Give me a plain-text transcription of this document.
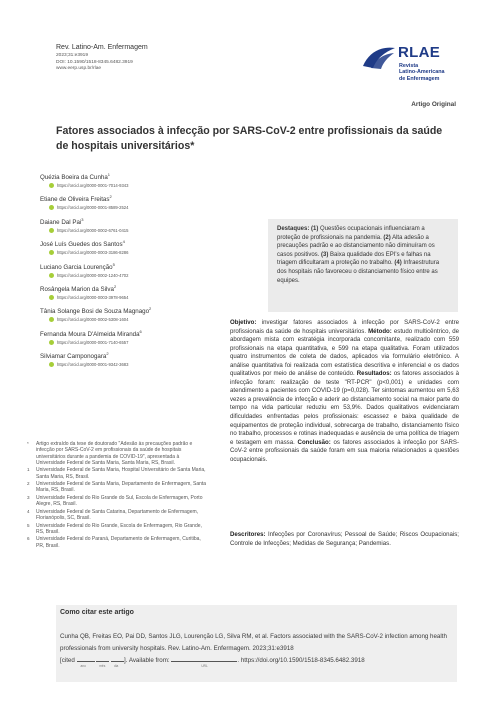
Rev. Latino-Am. Enfermagem
2023;31:e3919
DOI: 10.1590/1518-8345.6482.3919
www.eerp.usp.br/rlae
RLAE
Revista
Latino-Americana
de Enfermagem
Artigo Original
Fatores associados à infecção por SARS-CoV-2 entre profissionais da saúde de hospitais universitários*
Quézia Boeira da Cunha$^1$
https://orcid.org/0000-0001-7014-9343
Etiane de Oliveira Freitas$^2$
https://orcid.org/0000-0001-8589-2524
Daiane Dal Pai$^3$
https://orcid.org/0000-0002-6761-0415
José Luís Guedes dos Santos$^4$
https://orcid.org/0000-0003-3186-8286
Luciano Garcia Lourenção$^5$
https://orcid.org/0000-0002-1240-4702
Rosângela Marion da Silva$^2$
https://orcid.org/0000-0003-3978-9654
Tânia Solange Bosi de Souza Magnago$^2$
https://orcid.org/0000-0002-5308-1604
Fernanda Moura D'Almeida Miranda$^6$
https://orcid.org/0000-0001-7140-6557
Silviamar Camponogara$^2$
https://orcid.org/0000-0001-9342-3683
Destaques: (1) Questões ocupacionais influenciaram a proteção de profissionais na pandemia. (2) Alta adesão a precauções padrão e ao distanciamento não diminuíram os casos positivos. (3) Baixa qualidade dos EPI's e falhas na triagem dificultaram a proteção no trabalho. (4) Infraestrutura dos hospitais não favoreceu o distanciamento físico entre as equipes.
Objetivo: investigar fatores associados à infecção por SARS-CoV-2 entre profissionais da saúde de hospitais universitários. Método: estudo multicêntrico, de abordagem mista com estratégia incorporada concomitante, realizado com 559 profissionais na etapa quantitativa, e 599 na etapa qualitativa. Foram utilizados quatro instrumentos de coleta de dados, aplicados via formulário eletrônico. A análise quantitativa foi realizada com estatística descritiva e inferencial e os dados qualitativos por meio de análise de conteúdo. Resultados: os fatores associados à infecção foram: realização de teste "RT-PCR" (p<0,001) e unidades com atendimento a pacientes com COVID-19 (p=0,028). Ter sintomas aumentou em 5,63 vezes a prevalência de infecção e aderir ao distanciamento social na maior parte do tempo na vida particular reduziu em 53,9%. Dados qualitativos evidenciaram dificuldades enfrentadas pelos profissionais: escassez e baixa qualidade de equipamentos de proteção individual, sobrecarga de trabalho, distanciamento físico no trabalho, processos e rotinas inadequadas e ausência de uma política de triagem e testagem em massa. Conclusão: os fatores associados à infecção por SARS-CoV-2 entre profissionais da saúde foram em sua maioria relacionados a questões ocupacionais.
Descritores: Infecções por Coronavírus; Pessoal de Saúde; Riscos Ocupacionais; Controle de Infecções; Medidas de Segurança; Pandemias.
*	Artigo extraído da tese de doutorado "Adesão às precauções padrão e infecção por SARS-CoV-2 em profissionais da saúde de hospitais universitários durante a pandemia de COVID-19", apresentada à Universidade Federal de Santa Maria, Santa Maria, RS, Brasil.
1	Universidade Federal de Santa Maria, Hospital Universitário de Santa Maria, Santa Maria, RS, Brasil.
2	Universidade Federal de Santa Maria, Departamento de Enfermagem, Santa Maria, RS, Brasil.
3	Universidade Federal do Rio Grande do Sul, Escola de Enfermagem, Porto Alegre, RS, Brasil.
4	Universidade Federal de Santa Catarina, Departamento de Enfermagem, Florianópolis, SC, Brasil.
5	Universidade Federal do Rio Grande, Escola de Enfermagem, Rio Grande, RS, Brasil.
6	Universidade Federal do Paraná, Departamento de Enfermagem, Curitiba, PR, Brasil.
Como citar este artigo
Cunha QB, Freitas EO, Pai DD, Santos JLG, Lourenção LG, Silva RM, et al. Factors associated with the SARS-CoV-2 infection among health professionals from university hospitals. Rev. Latino-Am. Enfermagem. 2023;31:e3918
[cited
ano
	mês
	dia
]. Available from:
URL
. https://doi.org/10.1590/1518-8345.6482.3918
